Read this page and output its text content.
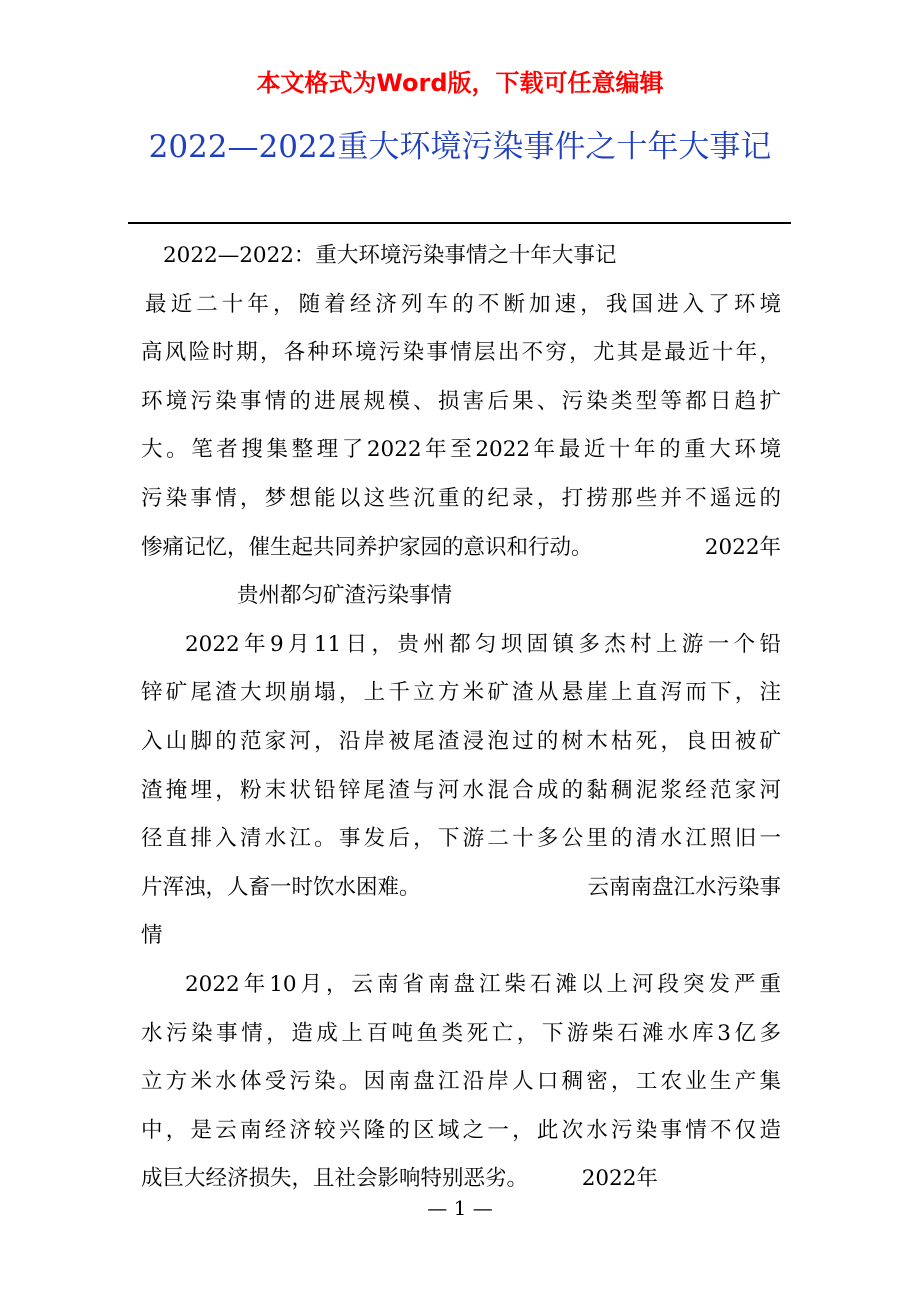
本文格式为Word版，下载可任意编辑
2022—2022重大环境污染事件之十年大事记
2022—2022：重大环境污染事情之十年大事记
最近二十年，随着经济列车的不断加速，我国进入了环境
高风险时期，各种环境污染事情层出不穷，尤其是最近十年，
环境污染事情的进展规模、损害后果、污染类型等都日趋扩
大。笔者搜集整理了2022年至2022年最近十年的重大环境
污染事情，梦想能以这些沉重的纪录，打捞那些并不遥远的
惨痛记忆，催生起共同养护家园的意识和行动。	2022年
贵州都匀矿渣污染事情
2022年9月11日，贵州都匀坝固镇多杰村上游一个铅
锌矿尾渣大坝崩塌，上千立方米矿渣从悬崖上直泻而下，注
入山脚的范家河，沿岸被尾渣浸泡过的树木枯死，良田被矿
渣掩埋，粉末状铅锌尾渣与河水混合成的黏稠泥浆经范家河
径直排入清水江。事发后，下游二十多公里的清水江照旧一
片浑浊，人畜一时饮水困难。	云南南盘江水污染事
情
2022年10月，云南省南盘江柴石滩以上河段突发严重
水污染事情，造成上百吨鱼类死亡，下游柴石滩水库3亿多
立方米水体受污染。因南盘江沿岸人口稠密，工农业生产集
中，是云南经济较兴隆的区域之一，此次水污染事情不仅造
成巨大经济损失，且社会影响特别恶劣。 2022年
— 1 —
